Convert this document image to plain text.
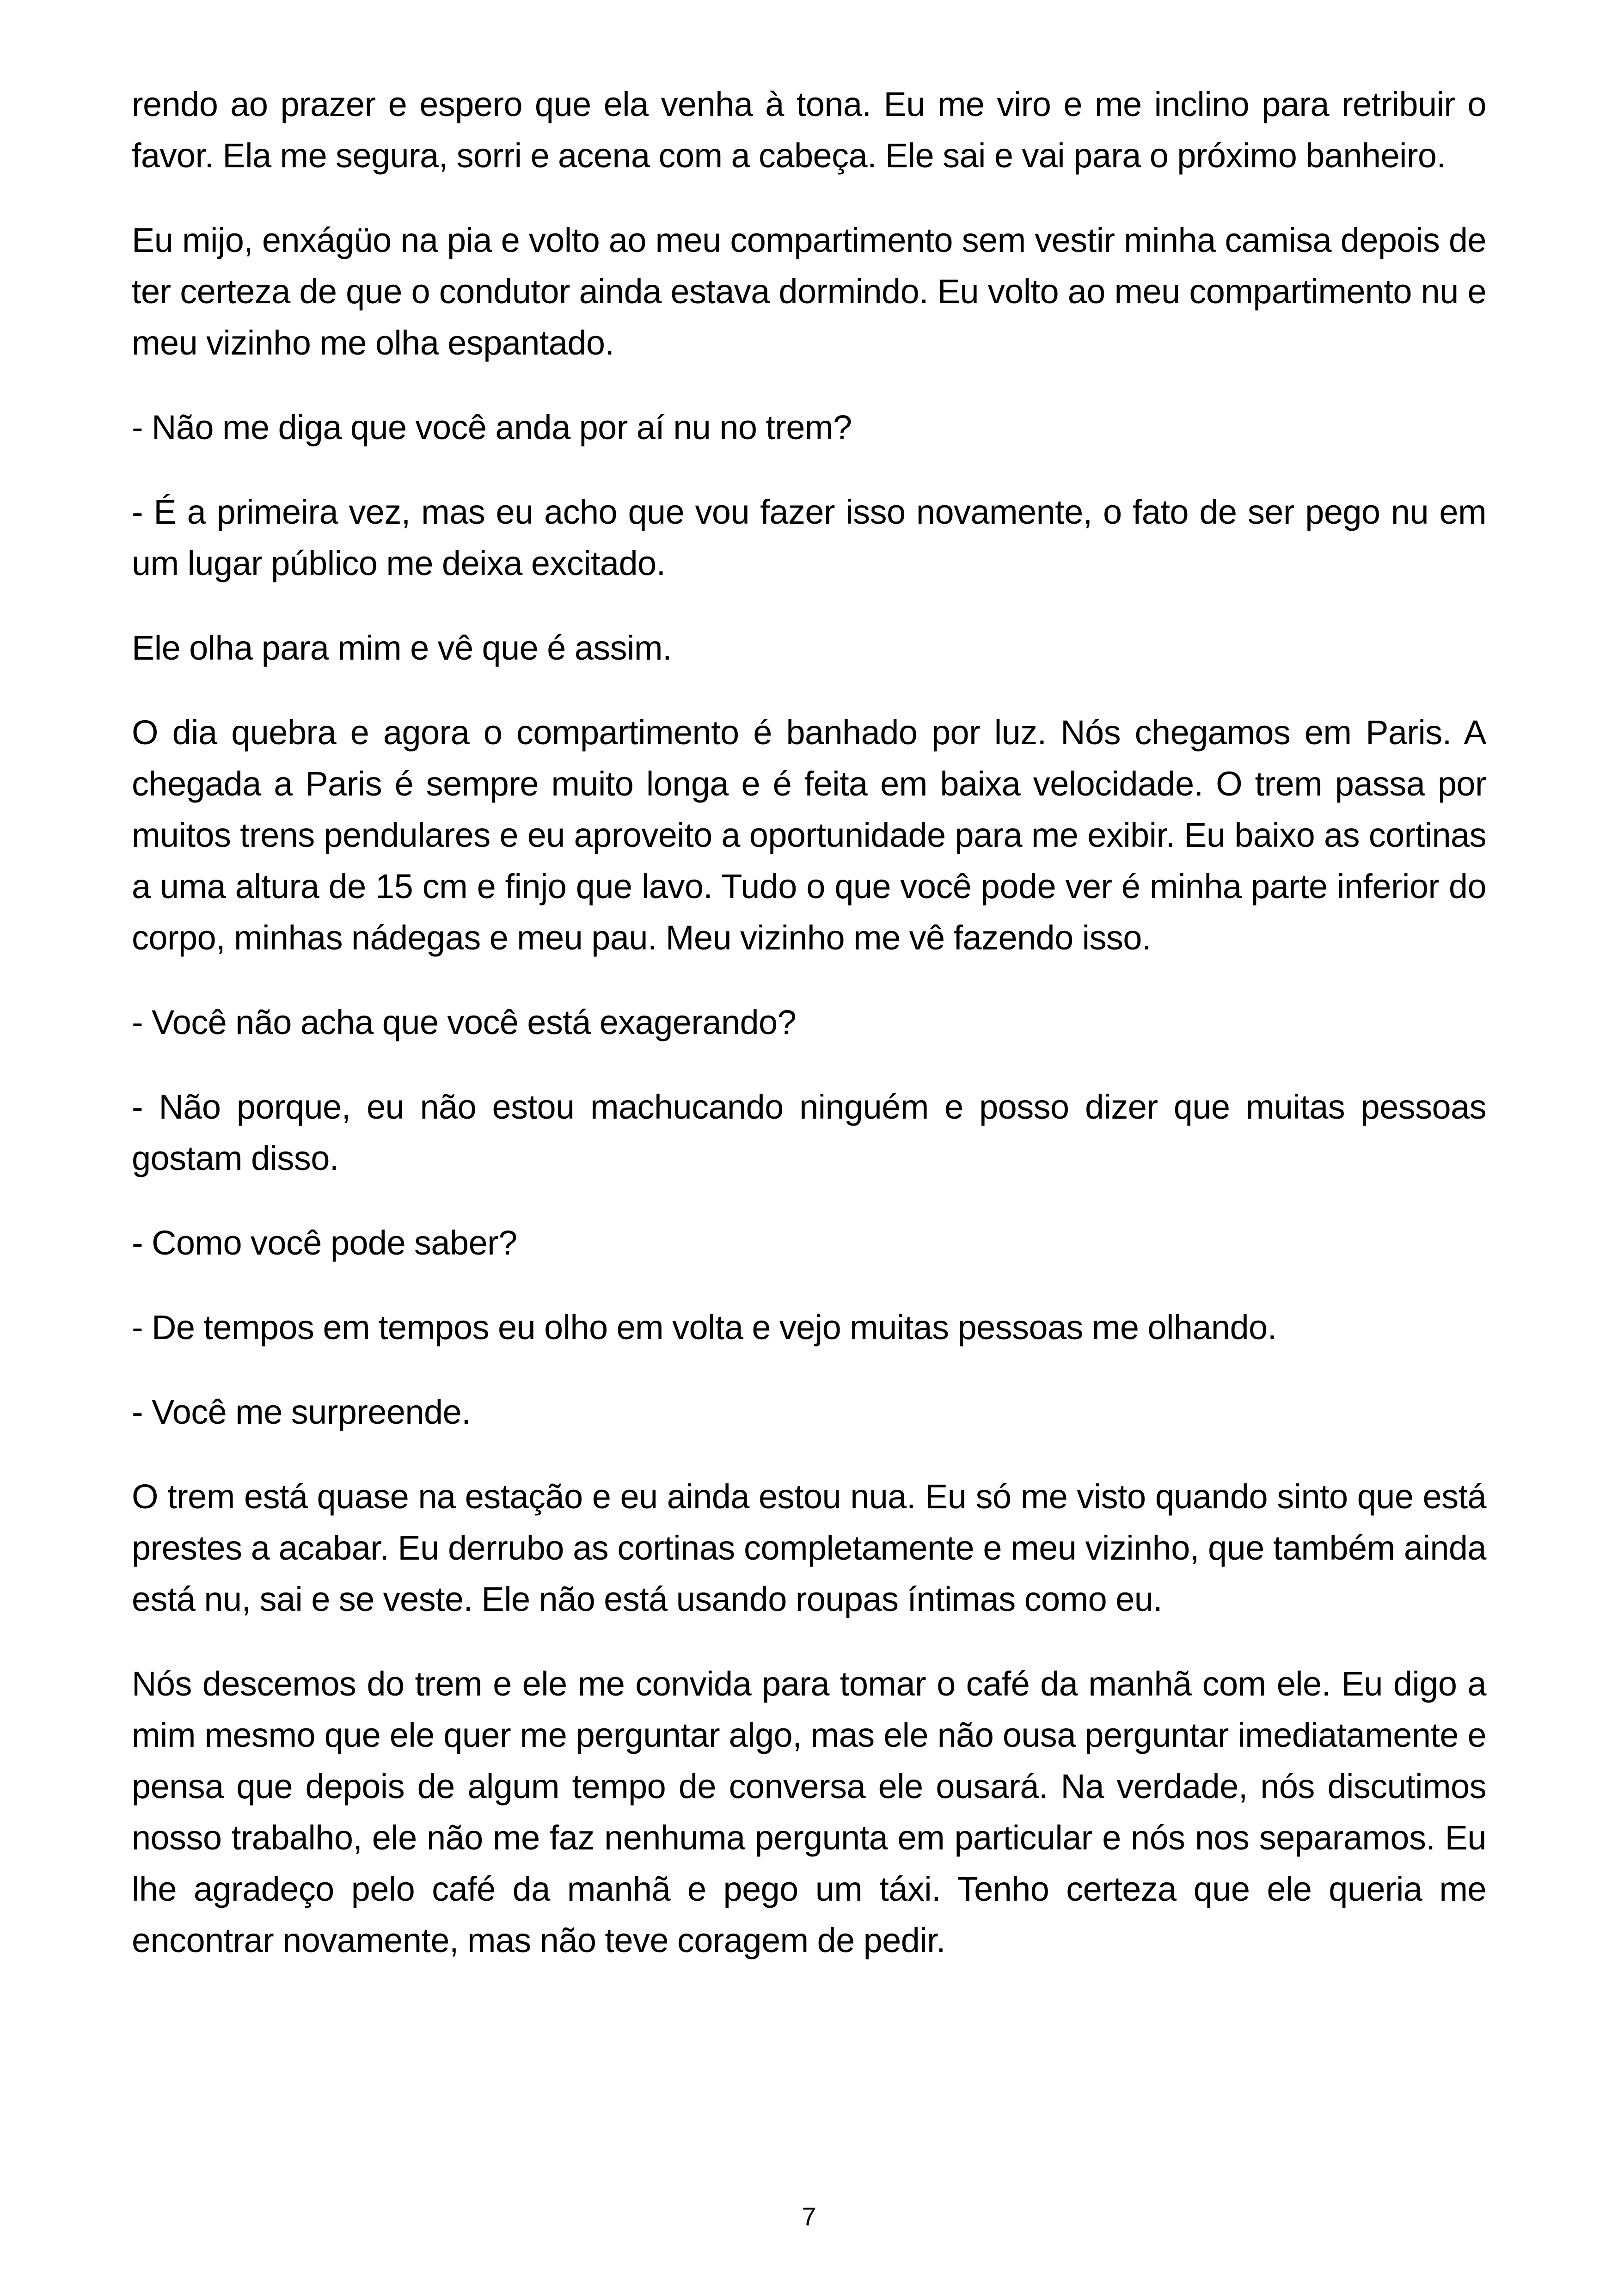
rendo ao prazer e espero que ela venha à tona. Eu me viro e me inclino para retribuir o favor. Ela me segura, sorri e acena com a cabeça. Ele sai e vai para o próximo banheiro.

Eu mijo, enxágüo na pia e volto ao meu compartimento sem vestir minha camisa depois de ter certeza de que o condutor ainda estava dormindo. Eu volto ao meu compartimento nu e meu vizinho me olha espantado.

- Não me diga que você anda por aí nu no trem?

- É a primeira vez, mas eu acho que vou fazer isso novamente, o fato de ser pego nu em um lugar público me deixa excitado.

Ele olha para mim e vê que é assim.

O dia quebra e agora o compartimento é banhado por luz. Nós chegamos em Paris. A chegada a Paris é sempre muito longa e é feita em baixa velocidade. O trem passa por muitos trens pendulares e eu aproveito a oportunidade para me exibir. Eu baixo as cortinas a uma altura de 15 cm e finjo que lavo. Tudo o que você pode ver é minha parte inferior do corpo, minhas nádegas e meu pau. Meu vizinho me vê fazendo isso.

- Você não acha que você está exagerando?

- Não porque, eu não estou machucando ninguém e posso dizer que muitas pessoas gostam disso.

- Como você pode saber?

- De tempos em tempos eu olho em volta e vejo muitas pessoas me olhando.

- Você me surpreende.

O trem está quase na estação e eu ainda estou nua. Eu só me visto quando sinto que está prestes a acabar. Eu derrubo as cortinas completamente e meu vizinho, que também ainda está nu, sai e se veste. Ele não está usando roupas íntimas como eu.

Nós descemos do trem e ele me convida para tomar o café da manhã com ele. Eu digo a mim mesmo que ele quer me perguntar algo, mas ele não ousa perguntar imediatamente e pensa que depois de algum tempo de conversa ele ousará. Na verdade, nós discutimos nosso trabalho, ele não me faz nenhuma pergunta em particular e nós nos separamos. Eu lhe agradeço pelo café da manhã e pego um táxi. Tenho certeza que ele queria me encontrar novamente, mas não teve coragem de pedir.

7
